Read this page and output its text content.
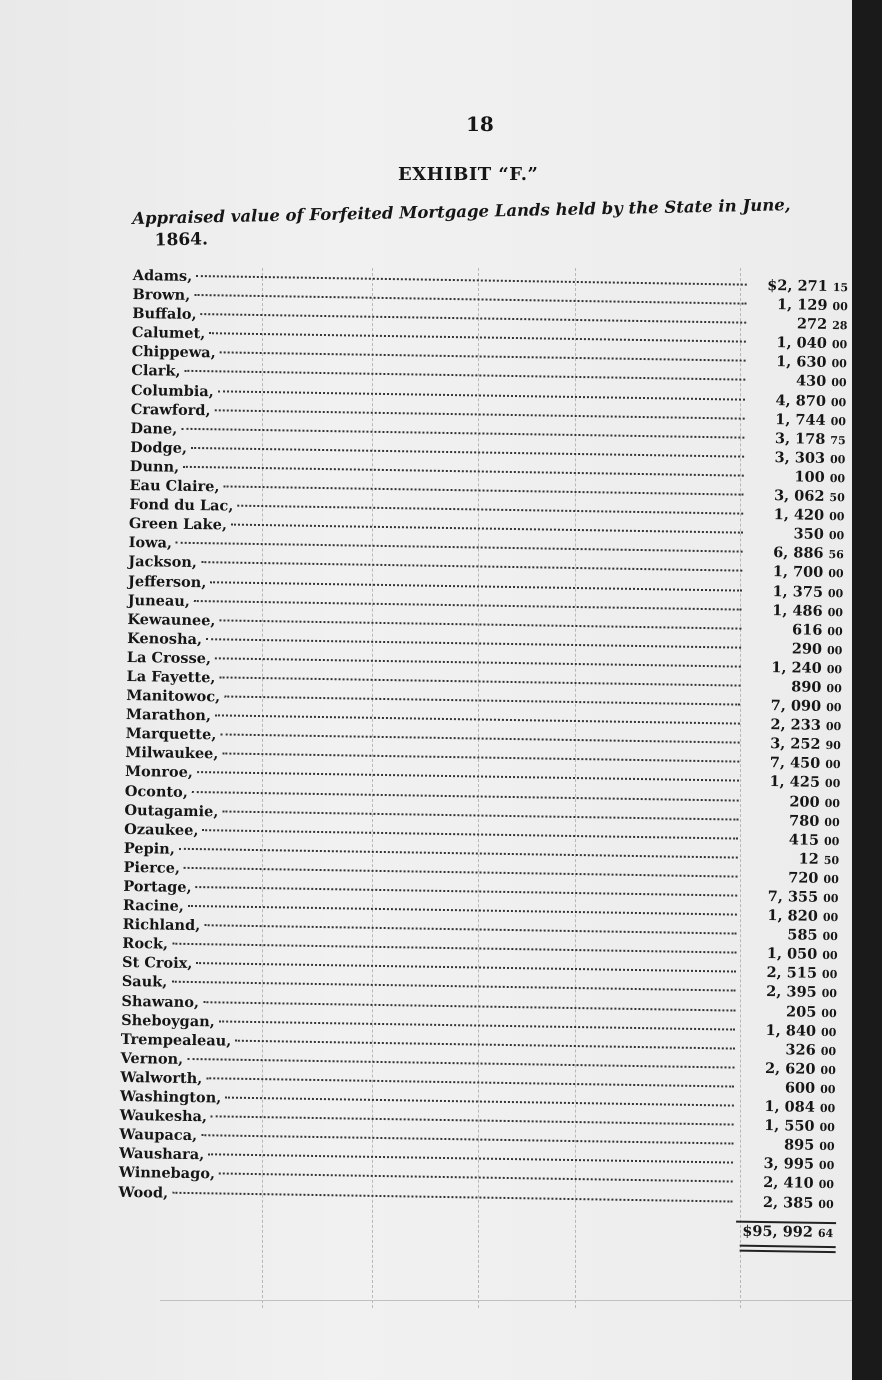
18
EXHIBIT “F.”
Appraised value of Forfeited Mortgage Lands held by the State in June,
1864.
Adams,
$2, 271 15
Brown,
1, 129 00
Buffalo,
272 28
Calumet,
1, 040 00
Chippewa,
1, 630 00
Clark,
430 00
Columbia,
4, 870 00
Crawford,
1, 744 00
Dane,
3, 178 75
Dodge,
3, 303 00
Dunn,
100 00
Eau Claire,
3, 062 50
Fond du Lac,
1, 420 00
Green Lake,
350 00
Iowa,
6, 886 56
Jackson,
1, 700 00
Jefferson,
1, 375 00
Juneau,
1, 486 00
Kewaunee,
616 00
Kenosha,
290 00
La Crosse,
1, 240 00
La Fayette,
890 00
Manitowoc,
7, 090 00
Marathon,
2, 233 00
Marquette,
3, 252 90
Milwaukee,
7, 450 00
Monroe,
1, 425 00
Oconto,
200 00
Outagamie,
780 00
Ozaukee,
415 00
Pepin,
12 50
Pierce,
720 00
Portage,
7, 355 00
Racine,
1, 820 00
Richland,
585 00
Rock,
1, 050 00
St Croix,
2, 515 00
Sauk,
2, 395 00
Shawano,
205 00
Sheboygan,
1, 840 00
Trempealeau,
326 00
Vernon,
2, 620 00
Walworth,
600 00
Washington,
1, 084 00
Waukesha,
1, 550 00
Waupaca,
895 00
Waushara,
3, 995 00
Winnebago,
2, 410 00
Wood,
2, 385 00
$95, 992 64
